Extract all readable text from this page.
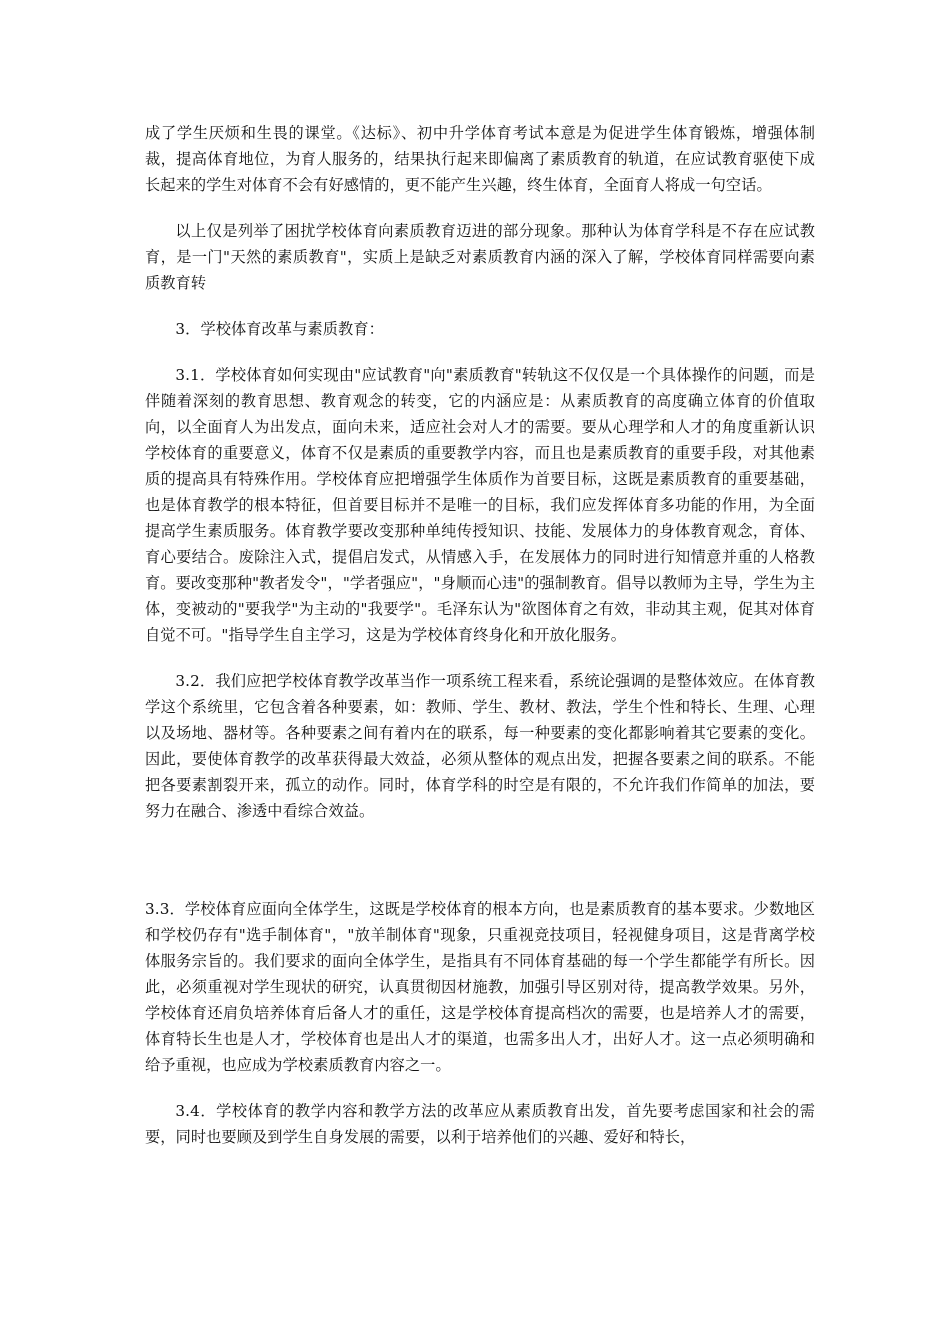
成了学生厌烦和生畏的课堂。《达标》、初中升学体育考试本意是为促进学生体育锻炼，增强体制裁，提高体育地位，为育人服务的，结果执行起来即偏离了素质教育的轨道，在应试教育驱使下成长起来的学生对体育不会有好感情的，更不能产生兴趣，终生体育，全面育人将成一句空话。

以上仅是列举了困扰学校体育向素质教育迈进的部分现象。那种认为体育学科是不存在应试教育，是一门"天然的素质教育"，实质上是缺乏对素质教育内涵的深入了解，学校体育同样需要向素质教育转

3．学校体育改革与素质教育：

3.1．学校体育如何实现由"应试教育"向"素质教育"转轨这不仅仅是一个具体操作的问题，而是伴随着深刻的教育思想、教育观念的转变，它的内涵应是：从素质教育的高度确立体育的价值取向，以全面育人为出发点，面向未来，适应社会对人才的需要。要从心理学和人才的角度重新认识学校体育的重要意义，体育不仅是素质的重要教学内容，而且也是素质教育的重要手段，对其他素质的提高具有特殊作用。学校体育应把增强学生体质作为首要目标，这既是素质教育的重要基础，也是体育教学的根本特征，但首要目标并不是唯一的目标，我们应发挥体育多功能的作用，为全面提高学生素质服务。体育教学要改变那种单纯传授知识、技能、发展体力的身体教育观念，育体、育心要结合。废除注入式，提倡启发式，从情感入手，在发展体力的同时进行知情意并重的人格教育。要改变那种"教者发令"，"学者强应"，"身顺而心违"的强制教育。倡导以教师为主导，学生为主体，变被动的"要我学"为主动的"我要学"。毛泽东认为"欲图体育之有效，非动其主观，促其对体育自觉不可。"指导学生自主学习，这是为学校体育终身化和开放化服务。

3.2．我们应把学校体育教学改革当作一项系统工程来看，系统论强调的是整体效应。在体育教学这个系统里，它包含着各种要素，如：教师、学生、教材、教法，学生个性和特长、生理、心理以及场地、器材等。各种要素之间有着内在的联系，每一种要素的变化都影响着其它要素的变化。因此，要使体育教学的改革获得最大效益，必须从整体的观点出发，把握各要素之间的联系。不能把各要素割裂开来，孤立的动作。同时，体育学科的时空是有限的，不允许我们作简单的加法，要努力在融合、渗透中看综合效益。

3.3．学校体育应面向全体学生，这既是学校体育的根本方向，也是素质教育的基本要求。少数地区和学校仍存有"选手制体育"，"放羊制体育"现象，只重视竞技项目，轻视健身项目，这是背离学校体服务宗旨的。我们要求的面向全体学生，是指具有不同体育基础的每一个学生都能学有所长。因此，必须重视对学生现状的研究，认真贯彻因材施教，加强引导区别对待，提高教学效果。另外，学校体育还肩负培养体育后备人才的重任，这是学校体育提高档次的需要，也是培养人才的需要，体育特长生也是人才，学校体育也是出人才的渠道，也需多出人才，出好人才。这一点必须明确和给予重视，也应成为学校素质教育内容之一。

3.4．学校体育的教学内容和教学方法的改革应从素质教育出发，首先要考虑国家和社会的需要，同时也要顾及到学生自身发展的需要，以利于培养他们的兴趣、爱好和特长，
